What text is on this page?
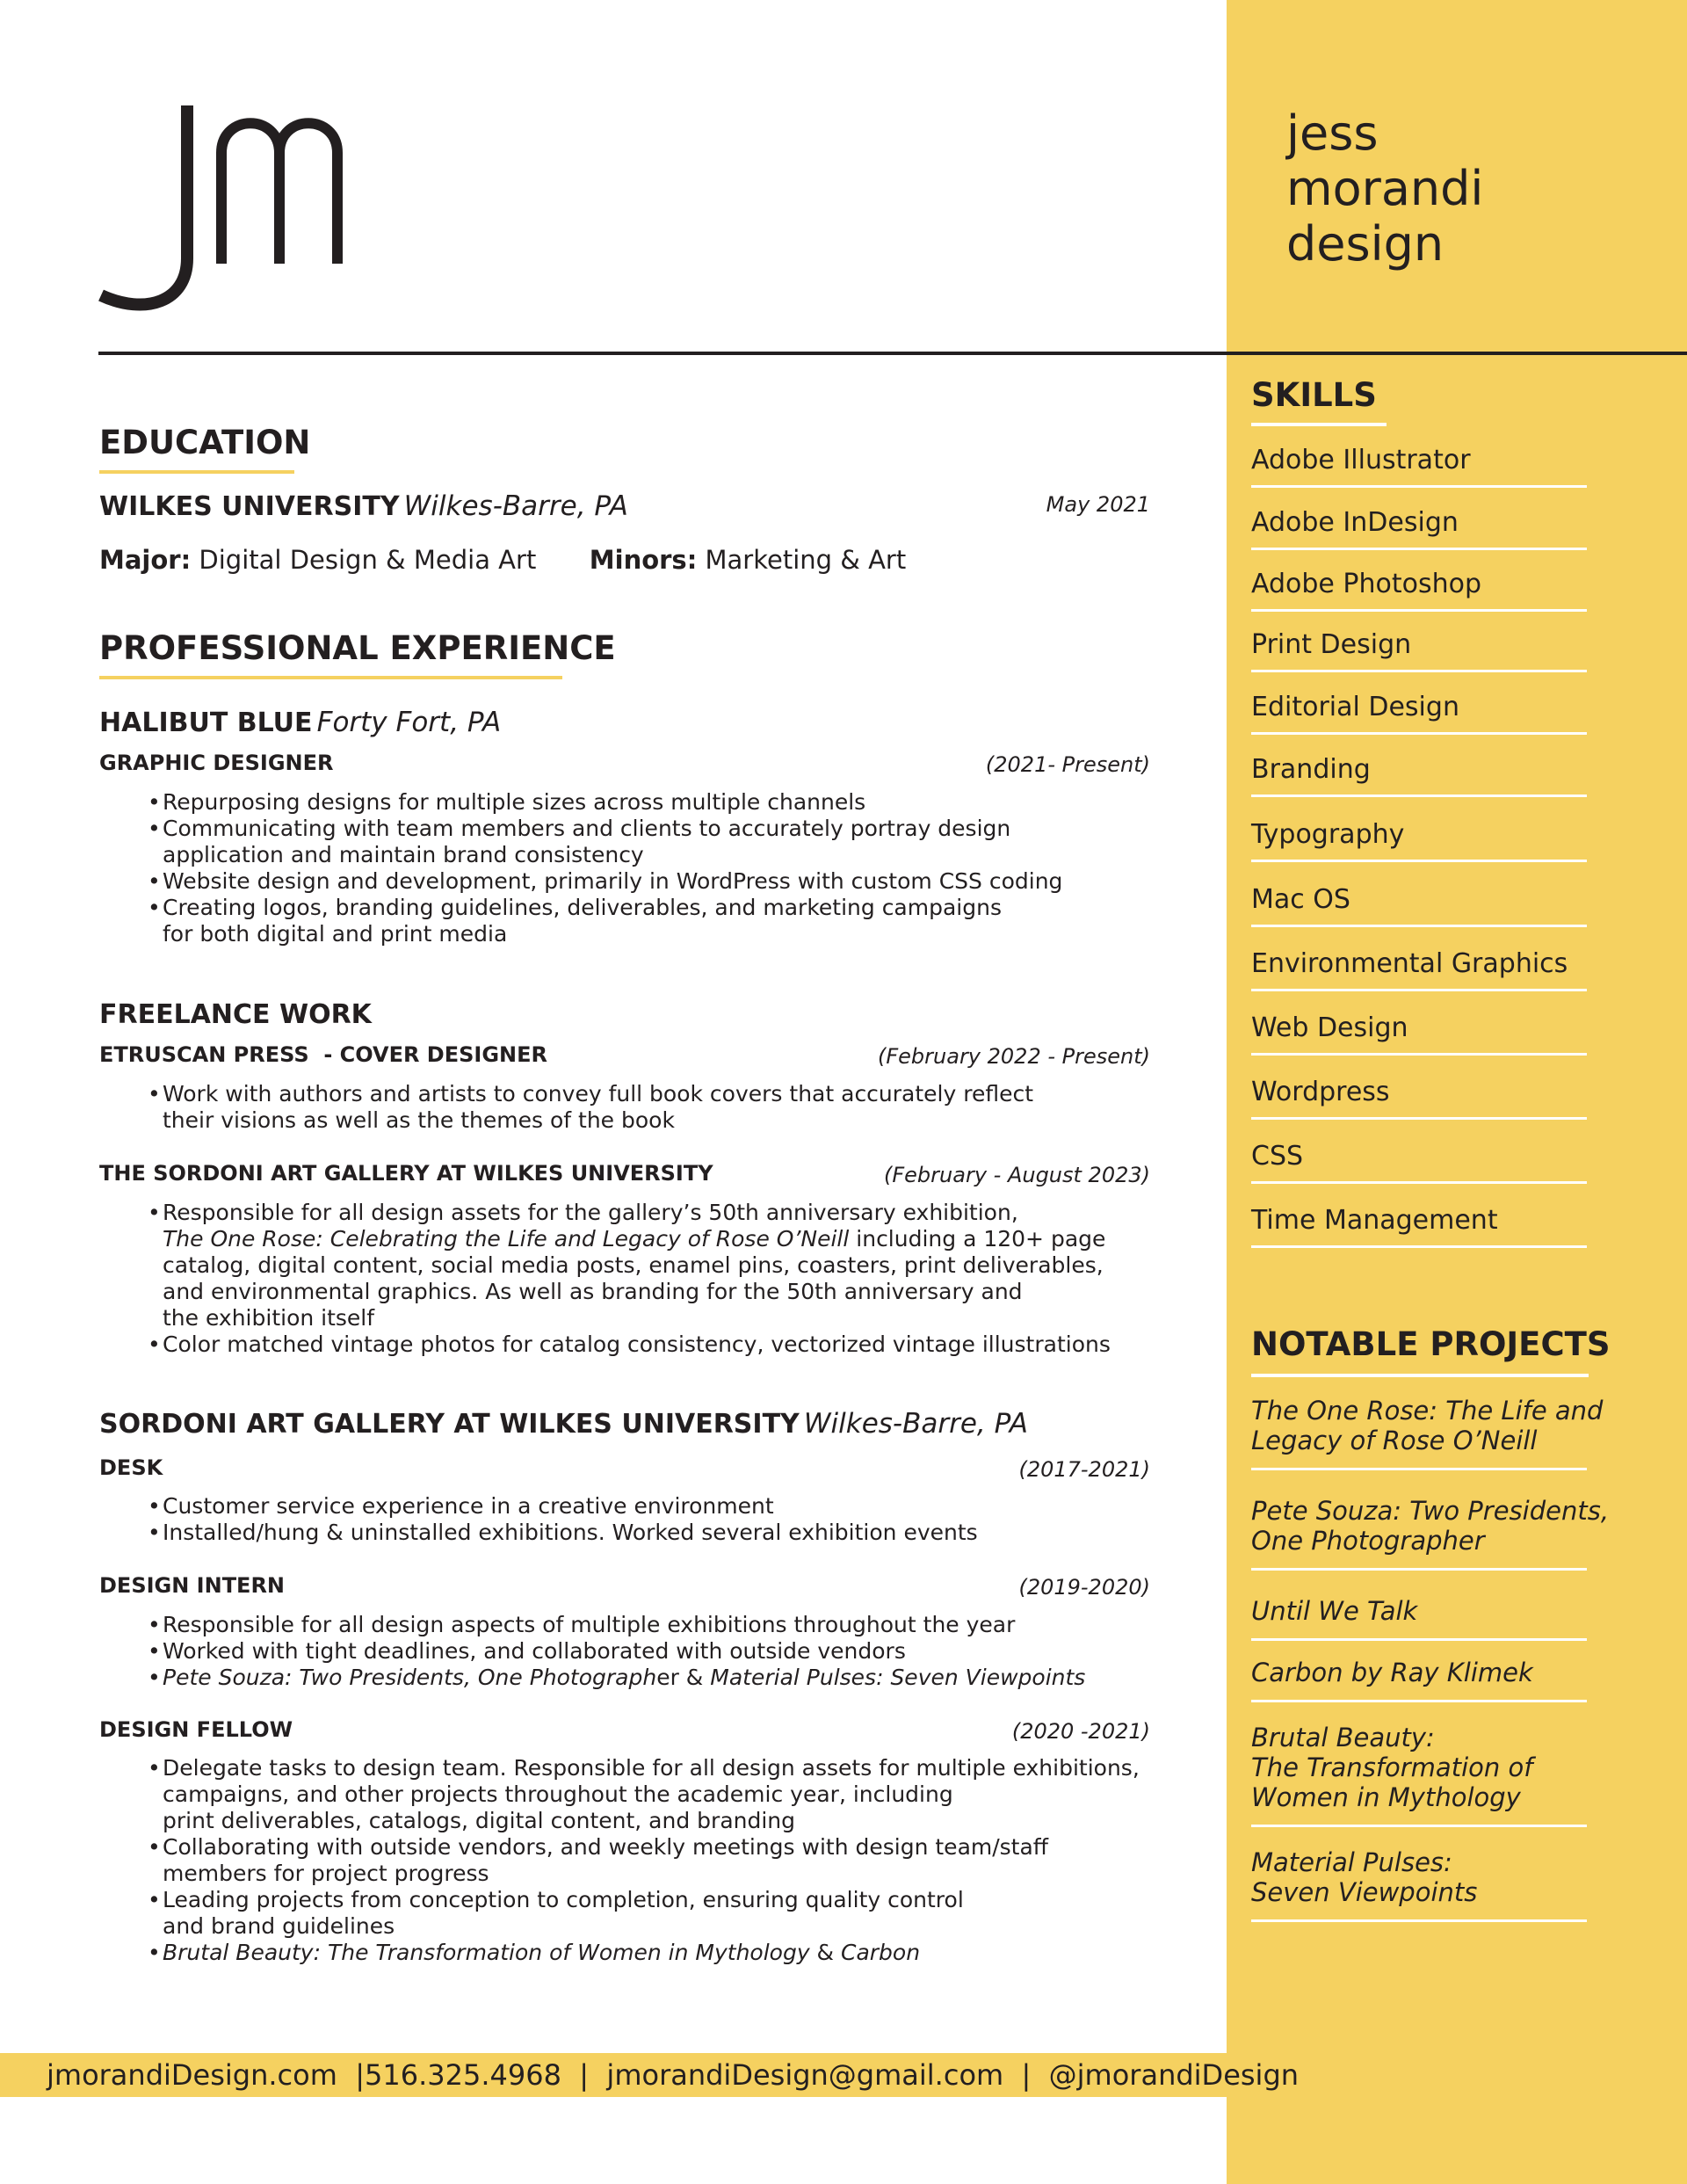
jess
morandi
design
SKILLS
Adobe Illustrator
Adobe InDesign
Adobe Photoshop
Print Design
Editorial Design
Branding
Typography
Mac OS
Environmental Graphics
Web Design
Wordpress
CSS
Time Management
NOTABLE PROJECTS
The One Rose: The Life and
Legacy of Rose O’Neill
Pete Souza: Two Presidents,
One Photographer
Until We Talk
Carbon by Ray Klimek
Brutal Beauty:
The Transformation of
Women in Mythology
Material Pulses:
Seven Viewpoints
EDUCATION
WILKES UNIVERSITY Wilkes-Barre, PA	May 2021
Major: Digital Design & Media Art Minors: Marketing & Art
PROFESSIONAL EXPERIENCE
HALIBUT BLUE Forty Fort, PA
GRAPHIC DESIGNER	(2021- Present)
• Repurposing designs for multiple sizes across multiple channels
• Communicating with team members and clients to accurately portray design
application and maintain brand consistency
• Website design and development, primarily in WordPress with custom CSS coding
• Creating logos, branding guidelines, deliverables, and marketing campaigns
for both digital and print media
FREELANCE WORK
ETRUSCAN PRESS  - COVER DESIGNER	(February 2022 - Present)
• Work with authors and artists to convey full book covers that accurately reflect
their visions as well as the themes of the book
THE SORDONI ART GALLERY AT WILKES UNIVERSITY	(February - August 2023)
• Responsible for all design assets for the gallery’s 50th anniversary exhibition,
The One Rose: Celebrating the Life and Legacy of Rose O’Neill including a 120+ page
catalog, digital content, social media posts, enamel pins, coasters, print deliverables,
and environmental graphics. As well as branding for the 50th anniversary and
the exhibition itself
• Color matched vintage photos for catalog consistency, vectorized vintage illustrations
SORDONI ART GALLERY AT WILKES UNIVERSITY Wilkes-Barre, PA
DESK	(2017-2021)
• Customer service experience in a creative environment
• Installed/hung & uninstalled exhibitions. Worked several exhibition events
DESIGN INTERN	(2019-2020)
• Responsible for all design aspects of multiple exhibitions throughout the year
• Worked with tight deadlines, and collaborated with outside vendors
• Pete Souza: Two Presidents, One Photographer & Material Pulses: Seven Viewpoints
DESIGN FELLOW	(2020 -2021)
• Delegate tasks to design team. Responsible for all design assets for multiple exhibitions,
campaigns, and other projects throughout the academic year, including
print deliverables, catalogs, digital content, and branding
• Collaborating with outside vendors, and weekly meetings with design team/staff
members for project progress
• Leading projects from conception to completion, ensuring quality control
and brand guidelines
• Brutal Beauty: The Transformation of Women in Mythology & Carbon
jmorandiDesign.com  |516.325.4968  |  jmorandiDesign@gmail.com  |  @jmorandiDesign
